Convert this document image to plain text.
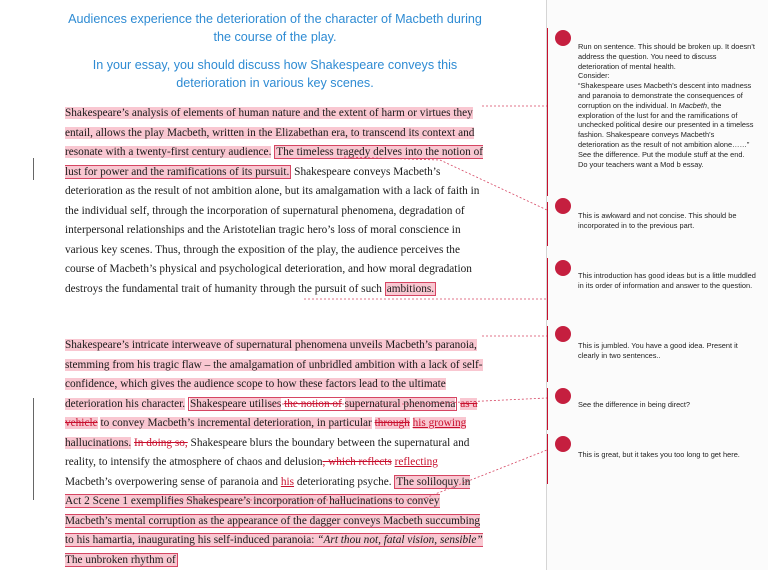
Audiences experience the deterioration of the character of Macbeth during the course of the play.

In your essay, you should discuss how Shakespeare conveys this deterioration in various key scenes.

Shakespeare’s analysis of elements of human nature and the extent of harm or virtues they entail, allows the play Macbeth, written in the Elizabethan era, to transcend its context and resonate with a twenty-first century audience. The timeless tragedy delves into the notion of lust for power and the ramifications of its pursuit. Shakespeare conveys Macbeth’s deterioration as the result of not ambition alone, but its amalgamation with a lack of faith in the individual self, through the incorporation of supernatural phenomena, degradation of interpersonal relationships and the Aristotelian tragic hero’s loss of moral conscience in various key scenes. Thus, through the exposition of the play, the audience perceives the course of Macbeth’s physical and psychological deterioration, and how moral degradation destroys the fundamental trait of humanity through the pursuit of such ambitions.

Shakespeare’s intricate interweave of supernatural phenomena unveils Macbeth’s paranoia, stemming from his tragic flaw – the amalgamation of unbridled ambition with a lack of self-confidence, which gives the audience scope to how these factors lead to the ultimate deterioration his character. Shakespeare utilises the notion of supernatural phenomena as a vehicle to convey Macbeth’s incremental deterioration, in particular through his growing hallucinations. In doing so, Shakespeare blurs the boundary between the supernatural and reality, to intensify the atmosphere of chaos and delusion, which reflects reflecting Macbeth’s overpowering sense of paranoia and his deteriorating psyche. The soliloquy in Act 2 Scene 1 exemplifies Shakespeare’s incorporation of hallucinations to convey Macbeth’s mental corruption as the appearance of the dagger conveys Macbeth succumbing to his hamartia, inaugurating his self-induced paranoia: “Art thou not, fatal vision, sensible” The unbroken rhythm of

Run on sentence. This should be broken up. It doesn’t address the question. You need to discuss deterioration of mental health.

Consider:

“Shakespeare uses Macbeth’s descent into madness and paranoia to demonstrate the consequences of corruption on the individual. In Macbeth, the exploration of the lust for and the ramifications of unchecked political desire our presented in a timeless fashion. Shakespeare conveys Macbeth’s deterioration as the result of not ambition alone……” See the difference. Put the module stuff at the end. Do your teachers want a Mod b essay.

This is awkward and not concise. This should be incorporated in to the previous part.

This introduction has good ideas but is a little muddled in its order of information and answer to the question.

This is jumbled. You have a good idea. Present it clearly in two sentences..

See the difference in being direct?

This is great, but it takes you too long to get here.
